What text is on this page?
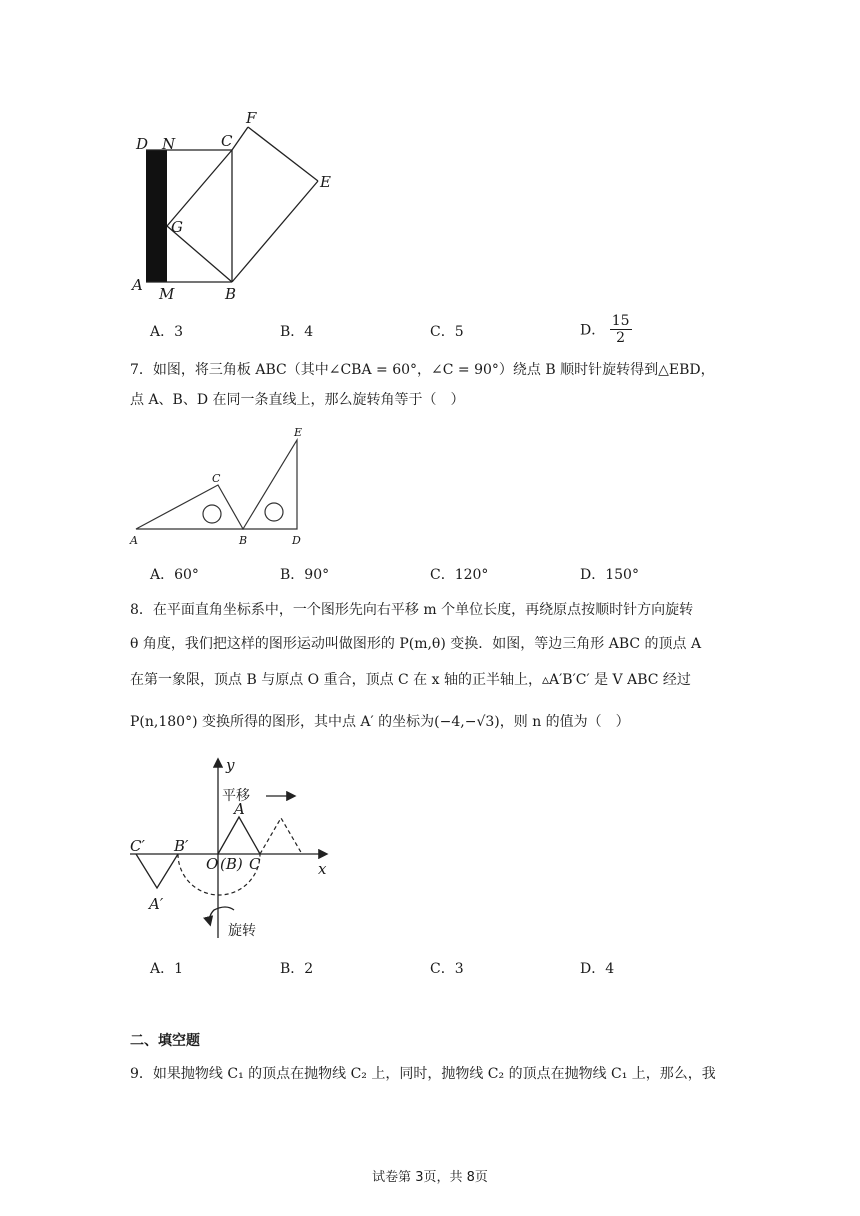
D N	C
F
E
G
A M	B
A．3	B．4	C．5	D． $\frac{15}{2}$
7．如图，将三角板 ABC（其中∠CBA = 60°，∠C = 90°）绕点 B 顺时针旋转得到△EBD，
点 A、B、D 在同一条直线上，那么旋转角等于（　）
A	B
C
D
E
A．60°	B．90°	C．120°	D．150°
8．在平面直角坐标系中，一个图形先向右平移 m 个单位长度，再绕原点按顺时针方向旋转
θ 角度，我们把这样的图形运动叫做图形的 P(m,θ) 变换．如图，等边三角形 ABC 的顶点 A
在第一象限，顶点 B 与原点 O 重合，顶点 C 在 x 轴的正半轴上，▵A′B′C′ 是 V ABC 经过
P(n,180°) 变换所得的图形，其中点 A′ 的坐标为(−4,−√3)，则 n 的值为（　）
y
x
平移
旋转
A
A′
C′ B′
O (B) C
A．1	B．2	C．3	D．4
二、填空题
9．如果抛物线 C₁ 的顶点在抛物线 C₂ 上，同时，抛物线 C₂ 的顶点在抛物线 C₁ 上，那么，我
试卷第 3页，共 8页
